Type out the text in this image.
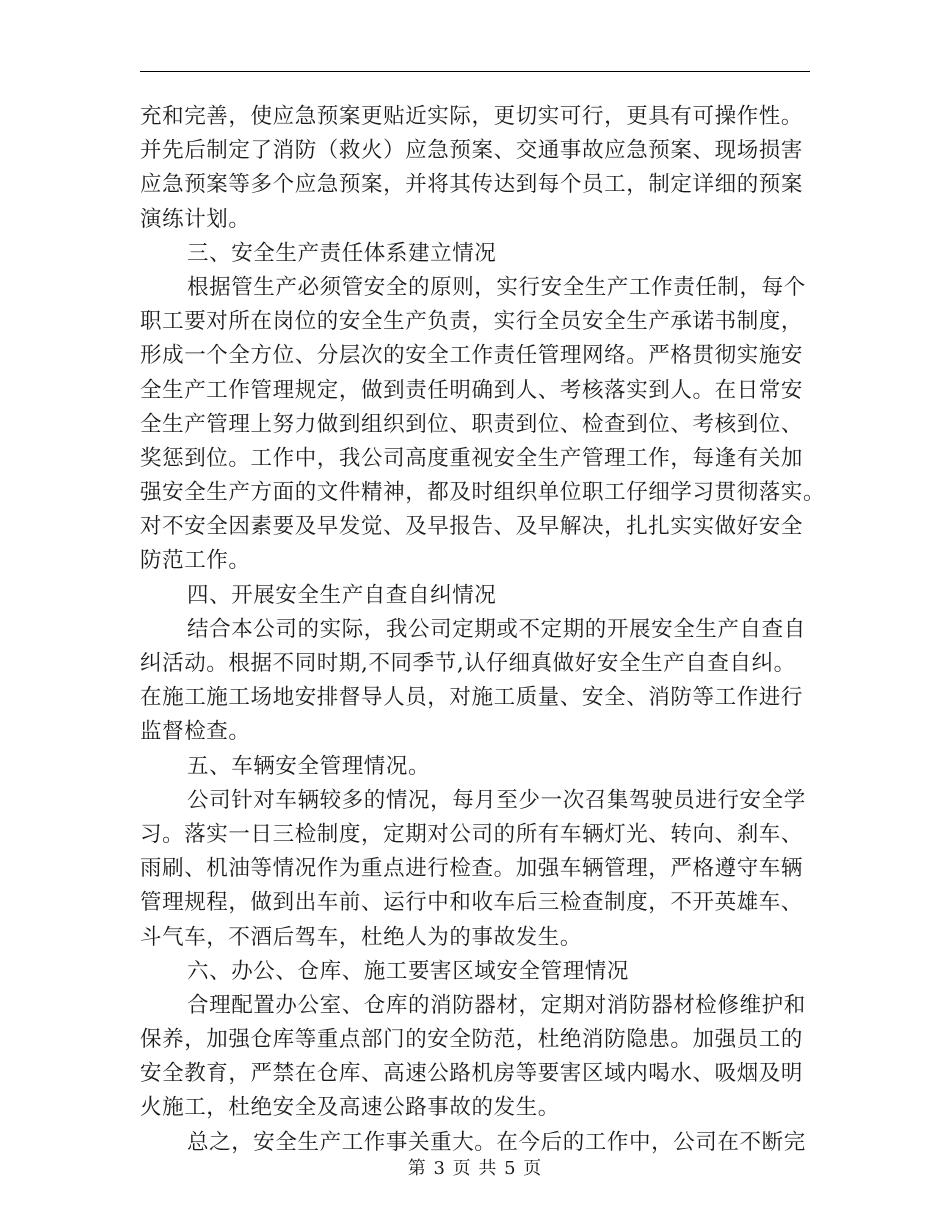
充和完善，使应急预案更贴近实际，更切实可行，更具有可操作性。
并先后制定了消防（救火）应急预案、交通事故应急预案、现场损害
应急预案等多个应急预案，并将其传达到每个员工，制定详细的预案
演练计划。
三、安全生产责任体系建立情况
根据管生产必须管安全的原则，实行安全生产工作责任制，每个
职工要对所在岗位的安全生产负责，实行全员安全生产承诺书制度，
形成一个全方位、分层次的安全工作责任管理网络。严格贯彻实施安
全生产工作管理规定，做到责任明确到人、考核落实到人。在日常安
全生产管理上努力做到组织到位、职责到位、检查到位、考核到位、
奖惩到位。工作中，我公司高度重视安全生产管理工作，每逢有关加
强安全生产方面的文件精神，都及时组织单位职工仔细学习贯彻落实。
对不安全因素要及早发觉、及早报告、及早解决，扎扎实实做好安全
防范工作。
四、开展安全生产自查自纠情况
结合本公司的实际，我公司定期或不定期的开展安全生产自查自
纠活动。根据不同时期,不同季节,认仔细真做好安全生产自查自纠。
在施工施工场地安排督导人员，对施工质量、安全、消防等工作进行
监督检查。
五、车辆安全管理情况。
公司针对车辆较多的情况，每月至少一次召集驾驶员进行安全学
习。落实一日三检制度，定期对公司的所有车辆灯光、转向、刹车、
雨刷、机油等情况作为重点进行检查。加强车辆管理，严格遵守车辆
管理规程，做到出车前、运行中和收车后三检查制度，不开英雄车、
斗气车，不酒后驾车，杜绝人为的事故发生。
六、办公、仓库、施工要害区域安全管理情况
合理配置办公室、仓库的消防器材，定期对消防器材检修维护和
保养，加强仓库等重点部门的安全防范，杜绝消防隐患。加强员工的
安全教育，严禁在仓库、高速公路机房等要害区域内喝水、吸烟及明
火施工，杜绝安全及高速公路事故的发生。
总之，安全生产工作事关重大。在今后的工作中，公司在不断完
第 3 页 共 5 页
